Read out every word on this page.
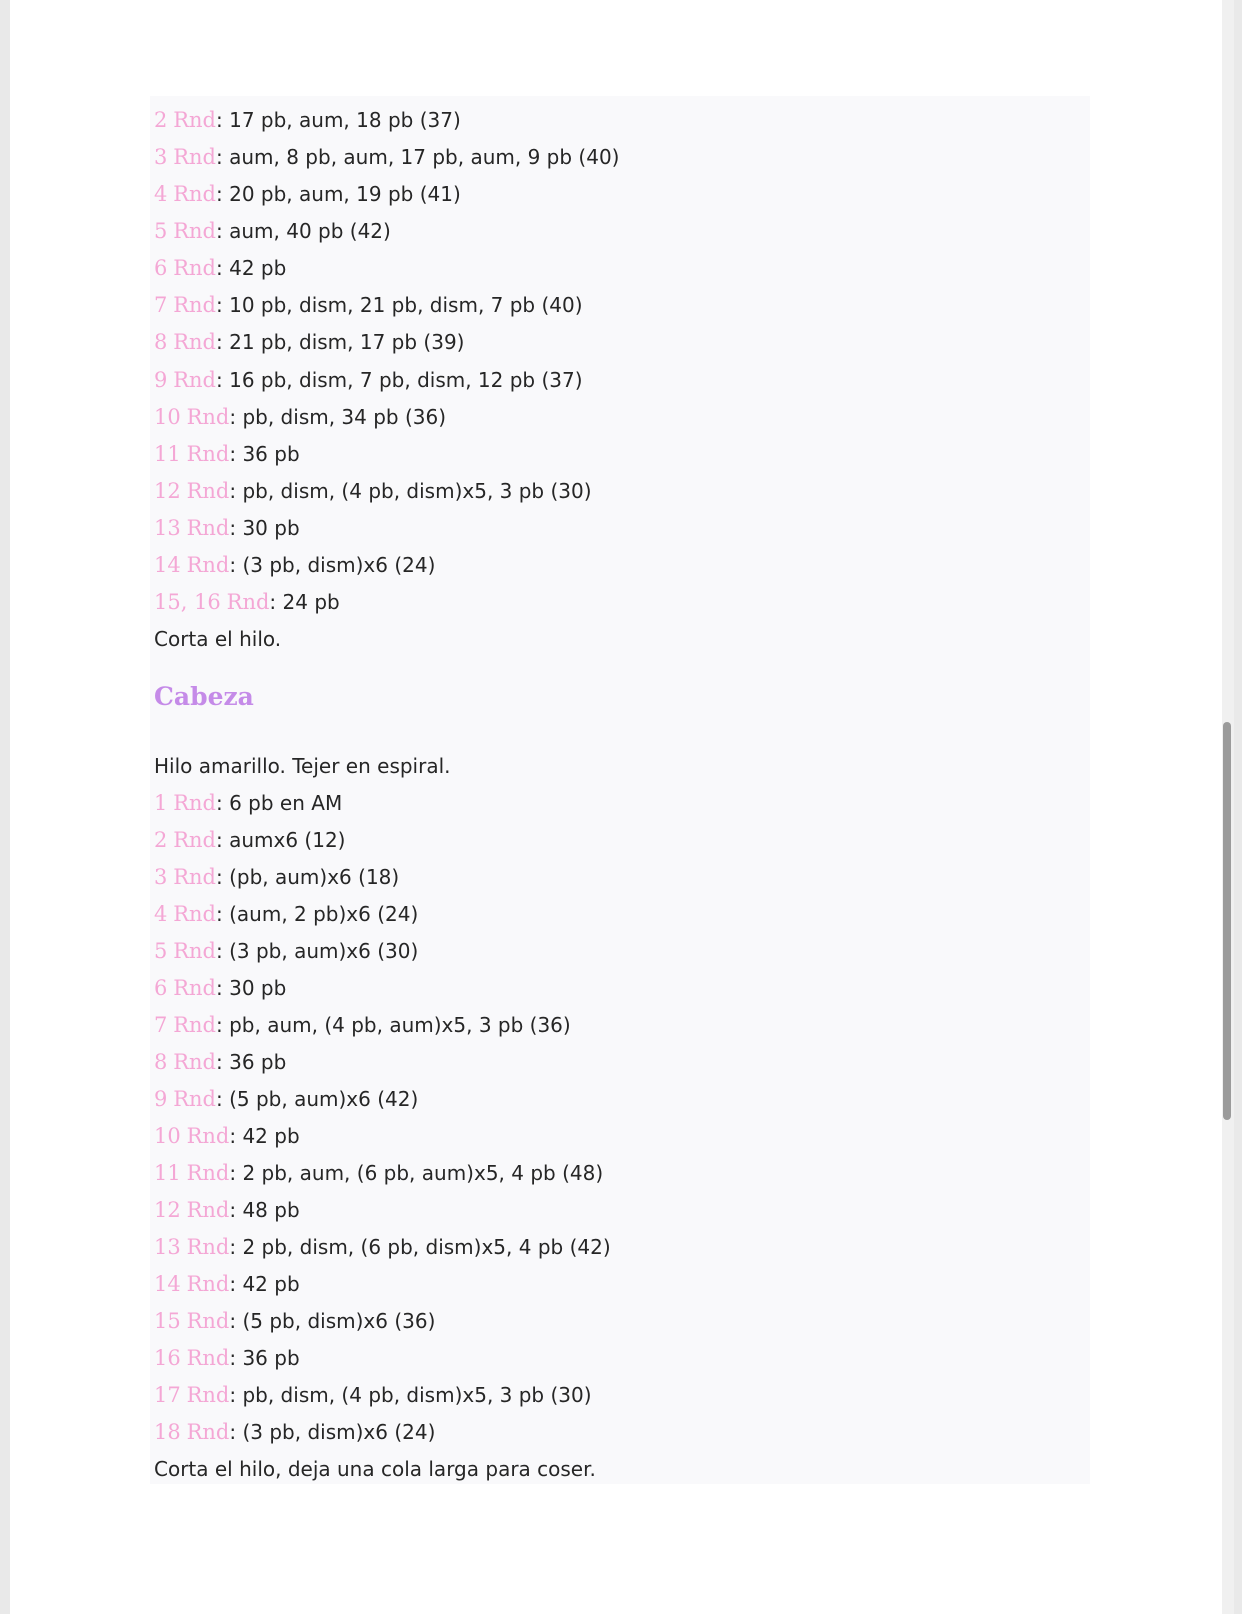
2 Rnd: 17 pb, aum, 18 pb (37)
3 Rnd: aum, 8 pb, aum, 17 pb, aum, 9 pb (40)
4 Rnd: 20 pb, aum, 19 pb (41)
5 Rnd: aum, 40 pb (42)
6 Rnd: 42 pb
7 Rnd: 10 pb, dism, 21 pb, dism, 7 pb (40)
8 Rnd: 21 pb, dism, 17 pb (39)
9 Rnd: 16 pb, dism, 7 pb, dism, 12 pb (37)
10 Rnd: pb, dism, 34 pb (36)
11 Rnd: 36 pb
12 Rnd: pb, dism, (4 pb, dism)x5, 3 pb (30)
13 Rnd: 30 pb
14 Rnd: (3 pb, dism)x6 (24)
15, 16 Rnd: 24 pb
Corta el hilo.
Cabeza
Hilo amarillo. Tejer en espiral.
1 Rnd: 6 pb en AM
2 Rnd: aumx6 (12)
3 Rnd: (pb, aum)x6 (18)
4 Rnd: (aum, 2 pb)x6 (24)
5 Rnd: (3 pb, aum)x6 (30)
6 Rnd: 30 pb
7 Rnd: pb, aum, (4 pb, aum)x5, 3 pb (36)
8 Rnd: 36 pb
9 Rnd: (5 pb, aum)x6 (42)
10 Rnd: 42 pb
11 Rnd: 2 pb, aum, (6 pb, aum)x5, 4 pb (48)
12 Rnd: 48 pb
13 Rnd: 2 pb, dism, (6 pb, dism)x5, 4 pb (42)
14 Rnd: 42 pb
15 Rnd: (5 pb, dism)x6 (36)
16 Rnd: 36 pb
17 Rnd: pb, dism, (4 pb, dism)x5, 3 pb (30)
18 Rnd: (3 pb, dism)x6 (24)
Corta el hilo, deja una cola larga para coser.
